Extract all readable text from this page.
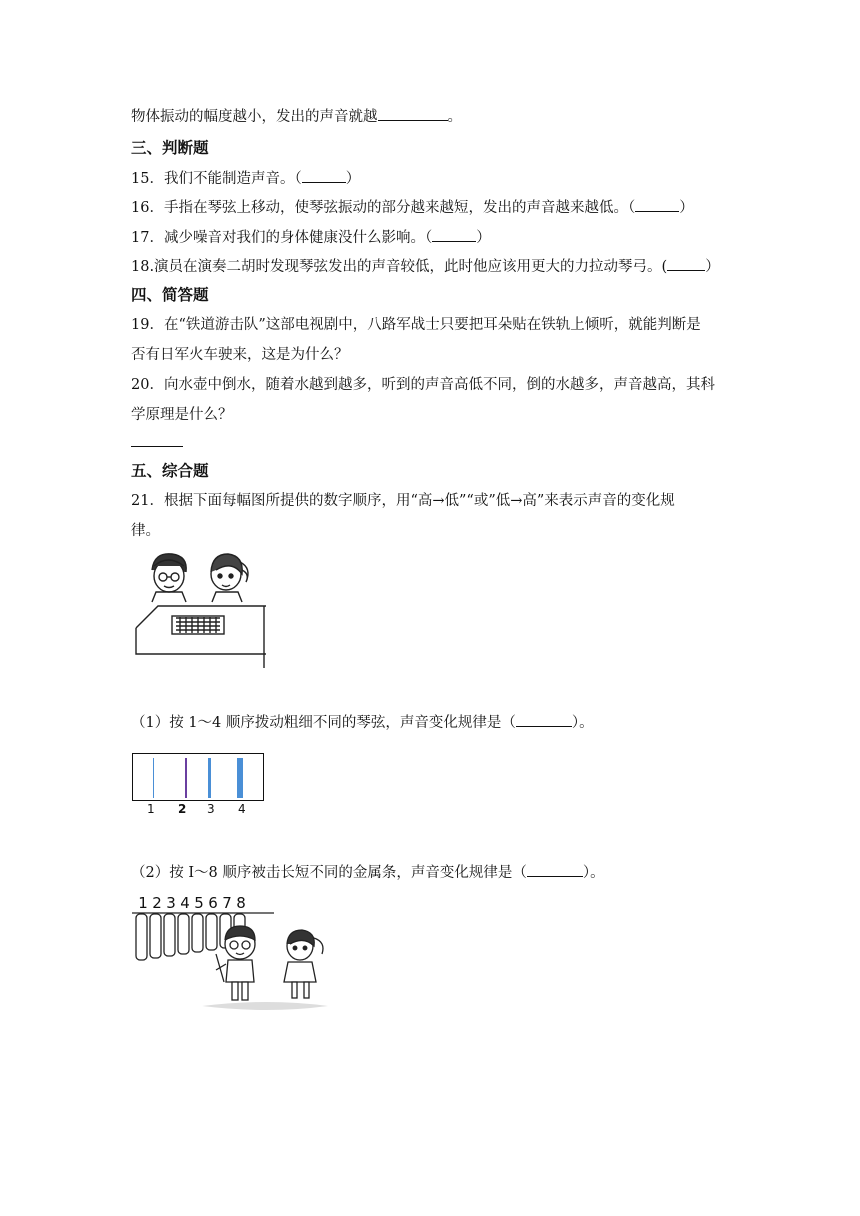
物体振动的幅度越小，发出的声音就越	。
三、判断题
15．我们不能制造声音。（	）
16．手指在琴弦上移动，使琴弦振动的部分越来越短，发出的声音越来越低。（	）
17．减少噪音对我们的身体健康没什么影响。（	）
18.演员在演奏二胡时发现琴弦发出的声音较低，此时他应该用更大的力拉动琴弓。(	）
四、简答题
19．在“铁道游击队”这部电视剧中，八路军战士只要把耳朵贴在铁轨上倾听，就能判断是
否有日军火车驶来，这是为什么？
20．向水壶中倒水，随着水越到越多，听到的声音高低不同，倒的水越多，声音越高，其科
学原理是什么？
五、综合题
21．根据下面每幅图所提供的数字顺序，用“高→低”“或”低→高”来表示声音的变化规
律。
（1）按 1～4 顺序拨动粗细不同的琴弦，声音变化规律是（	）。
1 2 3 4
（2）按 I～8 顺序被击长短不同的金属条，声音变化规律是（	）。
1 2 3 4 5 6 7 8
